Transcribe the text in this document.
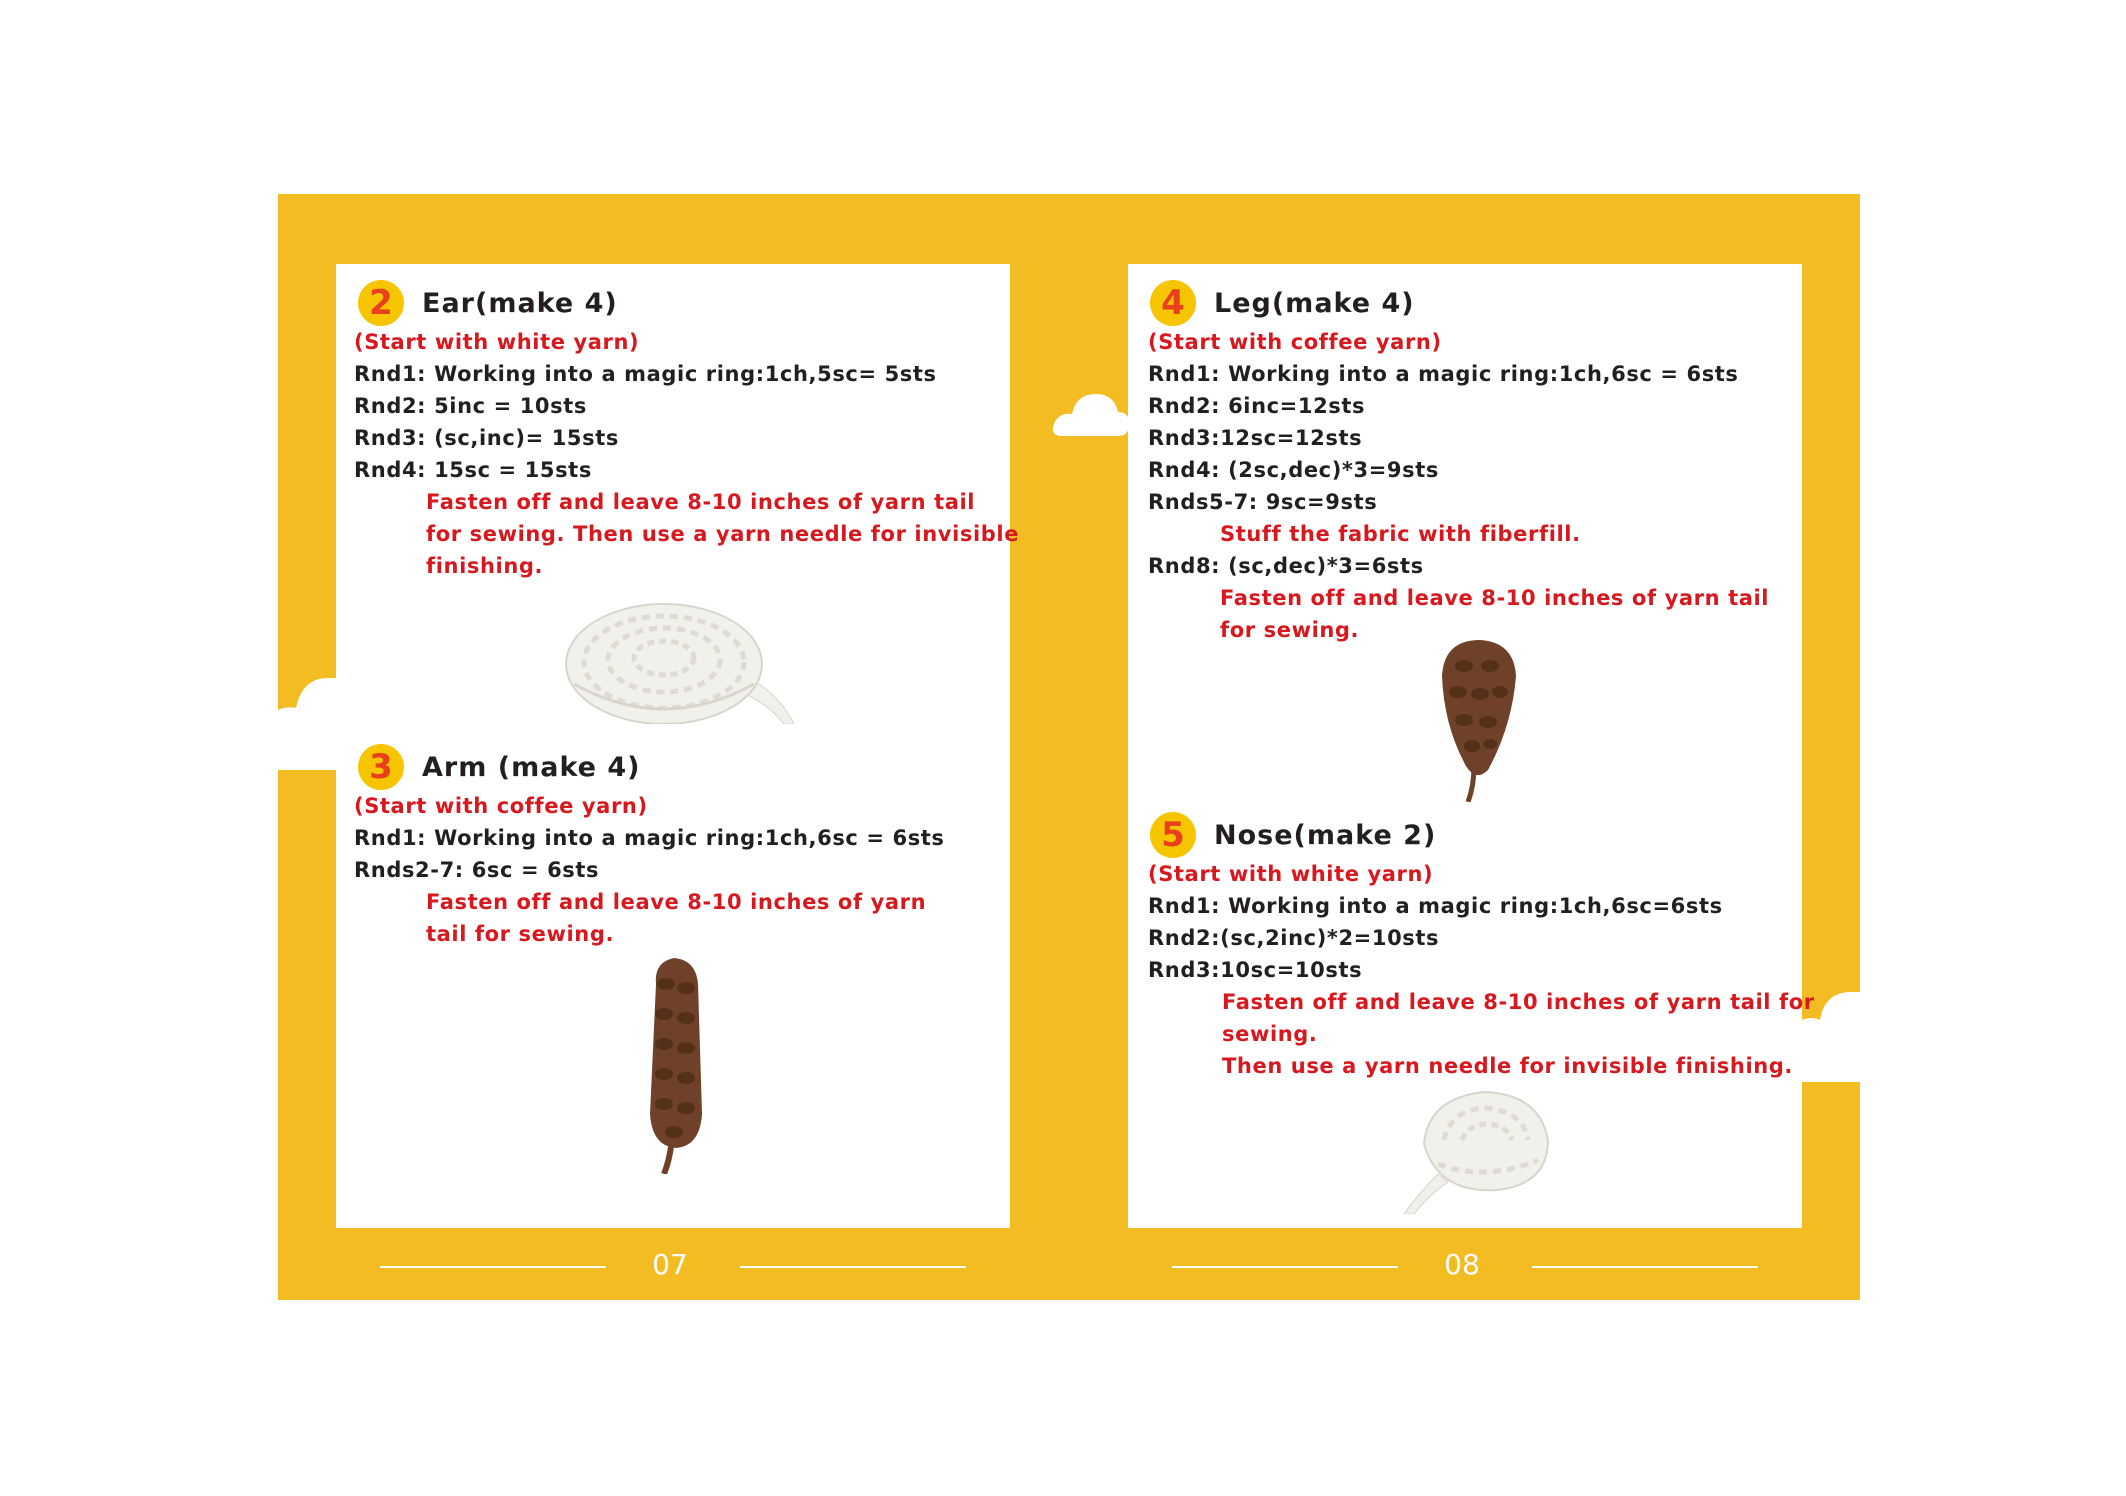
2	Ear(make 4)
(Start with white yarn)
Rnd1: Working into a magic ring:1ch,5sc= 5sts
Rnd2: 5inc = 10sts
Rnd3: (sc,inc)= 15sts
Rnd4: 15sc = 15sts
Fasten off and leave 8-10 inches of yarn tail
for sewing. Then use a yarn needle for invisible
finishing.
3	Arm (make 4)
(Start with coffee yarn)
Rnd1: Working into a magic ring:1ch,6sc = 6sts
Rnds2-7: 6sc = 6sts
Fasten off and leave 8-10 inches of yarn
tail for sewing.
4	Leg(make 4)
(Start with coffee yarn)
Rnd1: Working into a magic ring:1ch,6sc = 6sts
Rnd2: 6inc=12sts
Rnd3:12sc=12sts
Rnd4: (2sc,dec)*3=9sts
Rnds5-7: 9sc=9sts
Stuff the fabric with fiberfill.
Rnd8: (sc,dec)*3=6sts
Fasten off and leave 8-10 inches of yarn tail
for sewing.
5	Nose(make 2)
(Start with white yarn)
Rnd1: Working into a magic ring:1ch,6sc=6sts
Rnd2:(sc,2inc)*2=10sts
Rnd3:10sc=10sts
Fasten off and leave 8-10 inches of yarn tail for
sewing.
Then use a yarn needle for invisible finishing.
07	08
